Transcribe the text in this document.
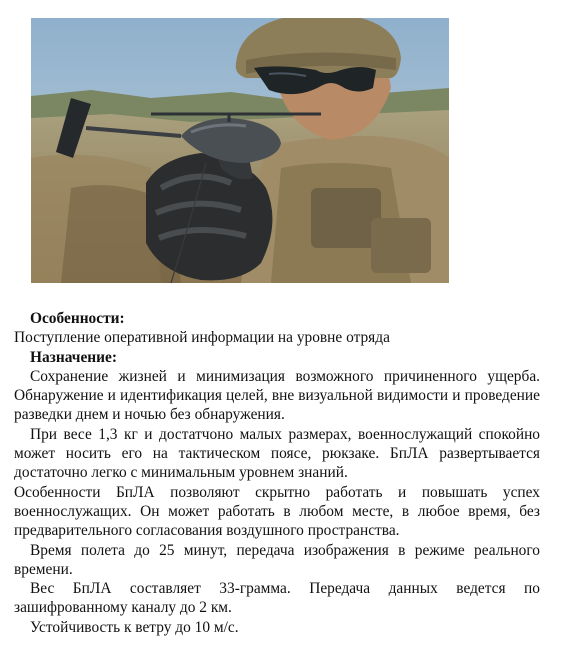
Особенности:

Поступление оперативной информации на уровне отряда

Назначение:

Сохранение жизней и минимизация возможного причиненного ущерба. Обнаружение и идентификация целей, вне визуальной видимости и проведение разведки днем и ночью без обнаружения.

При весе 1,3 кг и достатчоно малых размерах, военнослужащий спокойно может носить его на тактическом поясе, рюкзаке. БпЛА развертывается достаточно легко с минимальным уровнем знаний.

Особенности БпЛА позволяют скрытно работать и повышать успех военнослужащих. Он может работать в любом месте, в любое время, без предварительного согласования воздушного пространства.

Время полета до 25 минут, передача изображения в режиме реального времени.

Вес БпЛА составляет 33-грамма. Передача данных ведется по зашифрованному каналу до 2 км.

Устойчивость к ветру до 10 м/с.
